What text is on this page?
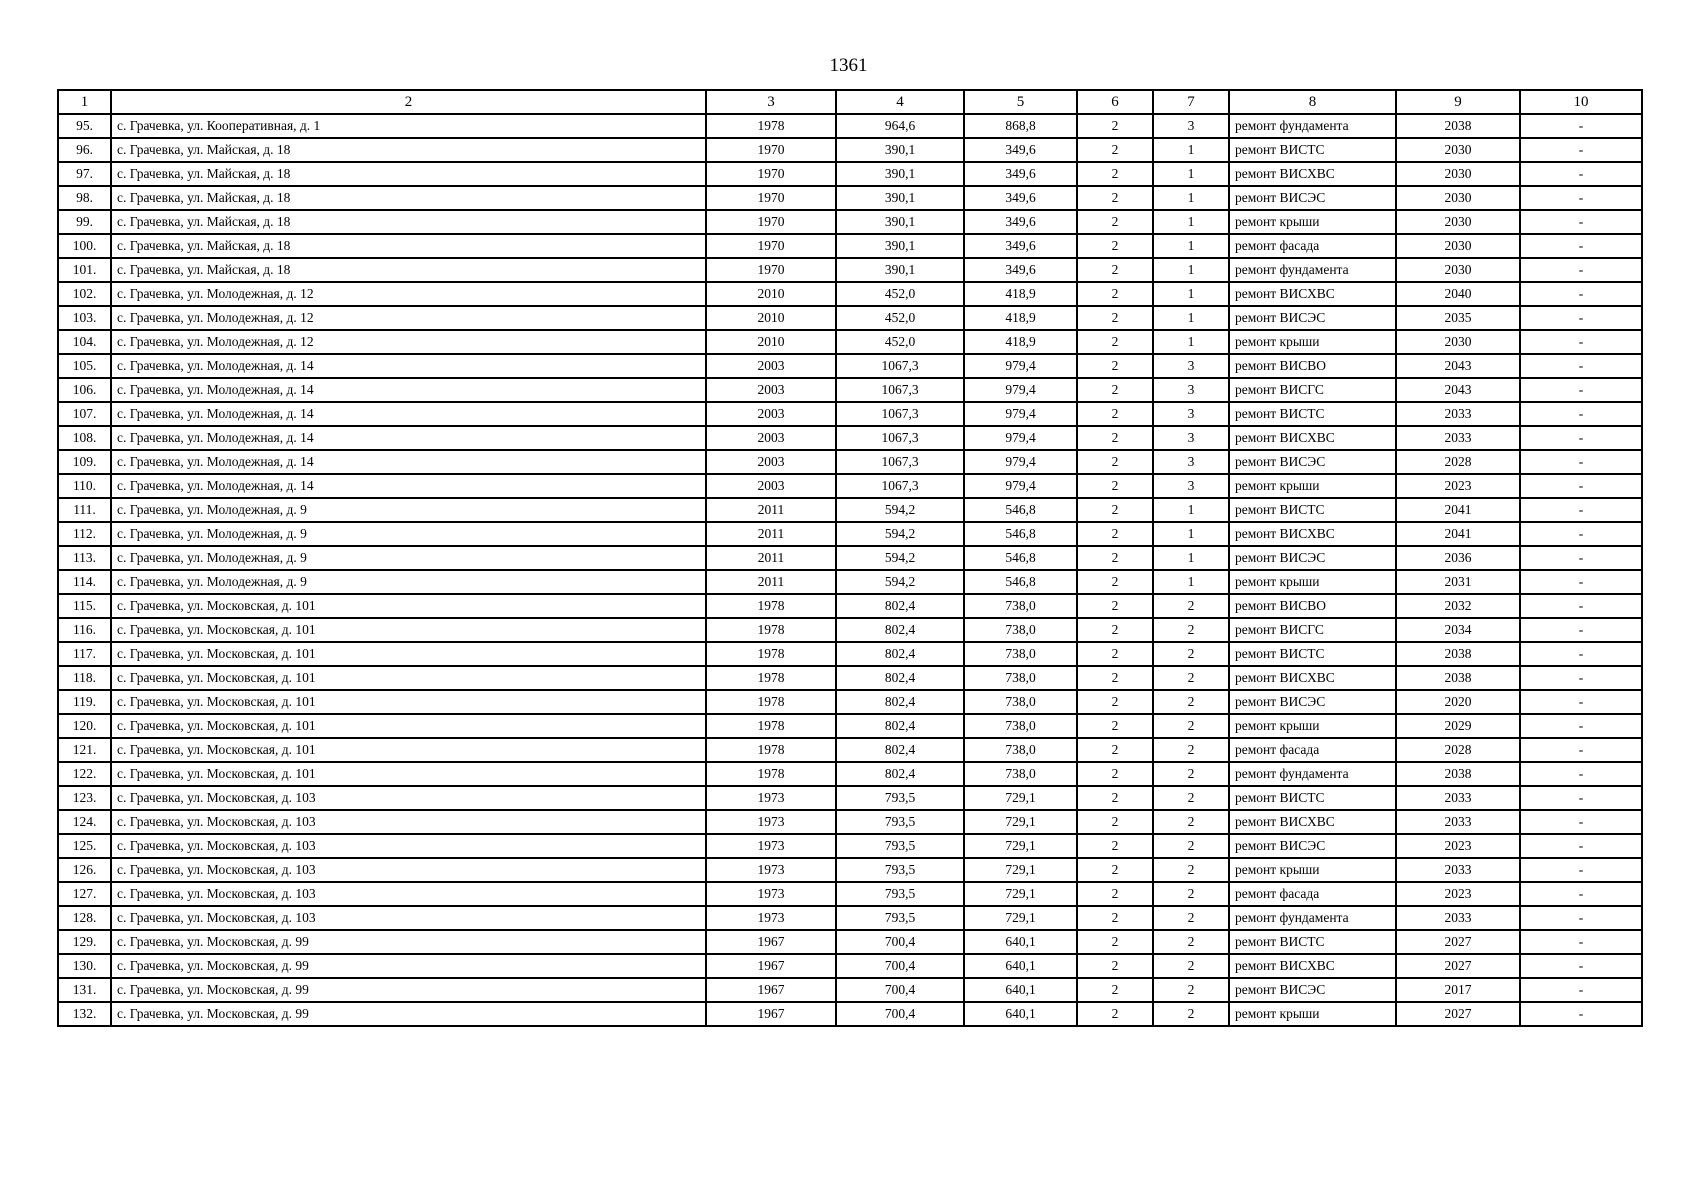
1361
1	2	3	4	5	6	7	8	9	10
95.	с. Грачевка, ул. Кооперативная, д. 1	1978	964,6	868,8	2	3	ремонт фундамента	2038	-
96.	с. Грачевка, ул. Майская, д. 18	1970	390,1	349,6	2	1	ремонт ВИСТС	2030	-
97.	с. Грачевка, ул. Майская, д. 18	1970	390,1	349,6	2	1	ремонт ВИСХВС	2030	-
98.	с. Грачевка, ул. Майская, д. 18	1970	390,1	349,6	2	1	ремонт ВИСЭС	2030	-
99.	с. Грачевка, ул. Майская, д. 18	1970	390,1	349,6	2	1	ремонт крыши	2030	-
100.	с. Грачевка, ул. Майская, д. 18	1970	390,1	349,6	2	1	ремонт фасада	2030	-
101.	с. Грачевка, ул. Майская, д. 18	1970	390,1	349,6	2	1	ремонт фундамента	2030	-
102.	с. Грачевка, ул. Молодежная, д. 12	2010	452,0	418,9	2	1	ремонт ВИСХВС	2040	-
103.	с. Грачевка, ул. Молодежная, д. 12	2010	452,0	418,9	2	1	ремонт ВИСЭС	2035	-
104.	с. Грачевка, ул. Молодежная, д. 12	2010	452,0	418,9	2	1	ремонт крыши	2030	-
105.	с. Грачевка, ул. Молодежная, д. 14	2003	1067,3	979,4	2	3	ремонт ВИСВО	2043	-
106.	с. Грачевка, ул. Молодежная, д. 14	2003	1067,3	979,4	2	3	ремонт ВИСГС	2043	-
107.	с. Грачевка, ул. Молодежная, д. 14	2003	1067,3	979,4	2	3	ремонт ВИСТС	2033	-
108.	с. Грачевка, ул. Молодежная, д. 14	2003	1067,3	979,4	2	3	ремонт ВИСХВС	2033	-
109.	с. Грачевка, ул. Молодежная, д. 14	2003	1067,3	979,4	2	3	ремонт ВИСЭС	2028	-
110.	с. Грачевка, ул. Молодежная, д. 14	2003	1067,3	979,4	2	3	ремонт крыши	2023	-
111.	с. Грачевка, ул. Молодежная, д. 9	2011	594,2	546,8	2	1	ремонт ВИСТС	2041	-
112.	с. Грачевка, ул. Молодежная, д. 9	2011	594,2	546,8	2	1	ремонт ВИСХВС	2041	-
113.	с. Грачевка, ул. Молодежная, д. 9	2011	594,2	546,8	2	1	ремонт ВИСЭС	2036	-
114.	с. Грачевка, ул. Молодежная, д. 9	2011	594,2	546,8	2	1	ремонт крыши	2031	-
115.	с. Грачевка, ул. Московская, д. 101	1978	802,4	738,0	2	2	ремонт ВИСВО	2032	-
116.	с. Грачевка, ул. Московская, д. 101	1978	802,4	738,0	2	2	ремонт ВИСГС	2034	-
117.	с. Грачевка, ул. Московская, д. 101	1978	802,4	738,0	2	2	ремонт ВИСТС	2038	-
118.	с. Грачевка, ул. Московская, д. 101	1978	802,4	738,0	2	2	ремонт ВИСХВС	2038	-
119.	с. Грачевка, ул. Московская, д. 101	1978	802,4	738,0	2	2	ремонт ВИСЭС	2020	-
120.	с. Грачевка, ул. Московская, д. 101	1978	802,4	738,0	2	2	ремонт крыши	2029	-
121.	с. Грачевка, ул. Московская, д. 101	1978	802,4	738,0	2	2	ремонт фасада	2028	-
122.	с. Грачевка, ул. Московская, д. 101	1978	802,4	738,0	2	2	ремонт фундамента	2038	-
123.	с. Грачевка, ул. Московская, д. 103	1973	793,5	729,1	2	2	ремонт ВИСТС	2033	-
124.	с. Грачевка, ул. Московская, д. 103	1973	793,5	729,1	2	2	ремонт ВИСХВС	2033	-
125.	с. Грачевка, ул. Московская, д. 103	1973	793,5	729,1	2	2	ремонт ВИСЭС	2023	-
126.	с. Грачевка, ул. Московская, д. 103	1973	793,5	729,1	2	2	ремонт крыши	2033	-
127.	с. Грачевка, ул. Московская, д. 103	1973	793,5	729,1	2	2	ремонт фасада	2023	-
128.	с. Грачевка, ул. Московская, д. 103	1973	793,5	729,1	2	2	ремонт фундамента	2033	-
129.	с. Грачевка, ул. Московская, д. 99	1967	700,4	640,1	2	2	ремонт ВИСТС	2027	-
130.	с. Грачевка, ул. Московская, д. 99	1967	700,4	640,1	2	2	ремонт ВИСХВС	2027	-
131.	с. Грачевка, ул. Московская, д. 99	1967	700,4	640,1	2	2	ремонт ВИСЭС	2017	-
132.	с. Грачевка, ул. Московская, д. 99	1967	700,4	640,1	2	2	ремонт крыши	2027	-
